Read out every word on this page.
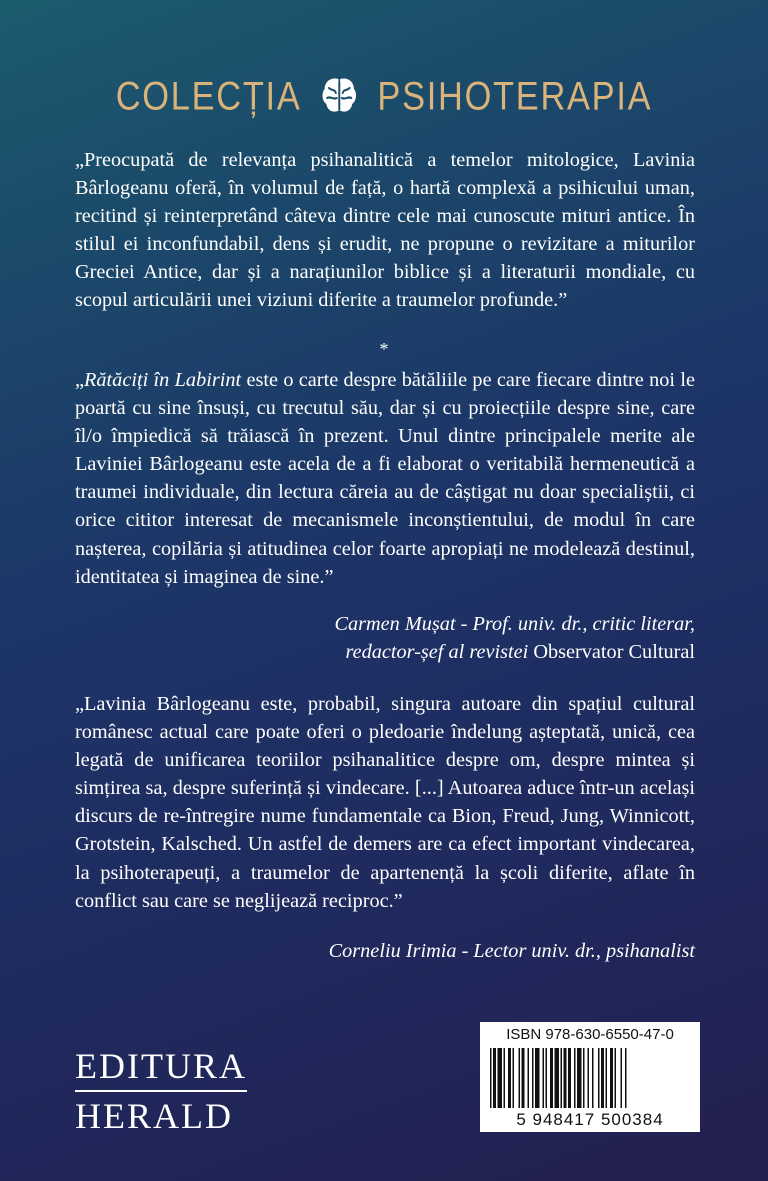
COLECȚIA PSIHOTERAPIA

„Preocupată de relevanța psihanalitică a temelor mitologice, Lavinia Bârlogeanu oferă, în volumul de față, o hartă complexă a psihicului uman, recitind și reinterpretând câteva dintre cele mai cunoscute mituri antice. În stilul ei inconfundabil, dens și erudit, ne propune o revizitare a miturilor Greciei Antice, dar și a narațiunilor biblice și a literaturii mondiale, cu scopul articulării unei viziuni diferite a traumelor profunde.”

*

„Rătăciți în Labirint este o carte despre bătăliile pe care fiecare dintre noi le poartă cu sine însuși, cu trecutul său, dar și cu proiecțiile despre sine, care îl/o împiedică să trăiască în prezent. Unul dintre principalele merite ale Laviniei Bârlogeanu este acela de a fi elaborat o veritabilă hermeneutică a traumei individuale, din lectura căreia au de câștigat nu doar specialiștii, ci orice cititor interesat de mecanismele inconștientului, de modul în care nașterea, copilăria și atitudinea celor foarte apropiați ne modelează destinul, identitatea și imaginea de sine.”

Carmen Mușat - Prof. univ. dr., critic literar,
redactor-șef al revistei Observator Cultural

„Lavinia Bârlogeanu este, probabil, singura autoare din spațiul cultural românesc actual care poate oferi o pledoarie îndelung așteptată, unică, cea legată de unificarea teoriilor psihanalitice despre om, despre mintea și simțirea sa, despre suferință și vindecare. [...] Autoarea aduce într-un același discurs de re-întregire nume fundamentale ca Bion, Freud, Jung, Winnicott, Grotstein, Kalsched. Un astfel de demers are ca efect important vindecarea, la psihoterapeuți, a traumelor de apartenență la școli diferite, aflate în conflict sau care se neglijează reciproc.”

Corneliu Irimia - Lector univ. dr., psihanalist
EDITURA
HERALD
ISBN 978-630-6550-47-0
5 948417 500384
